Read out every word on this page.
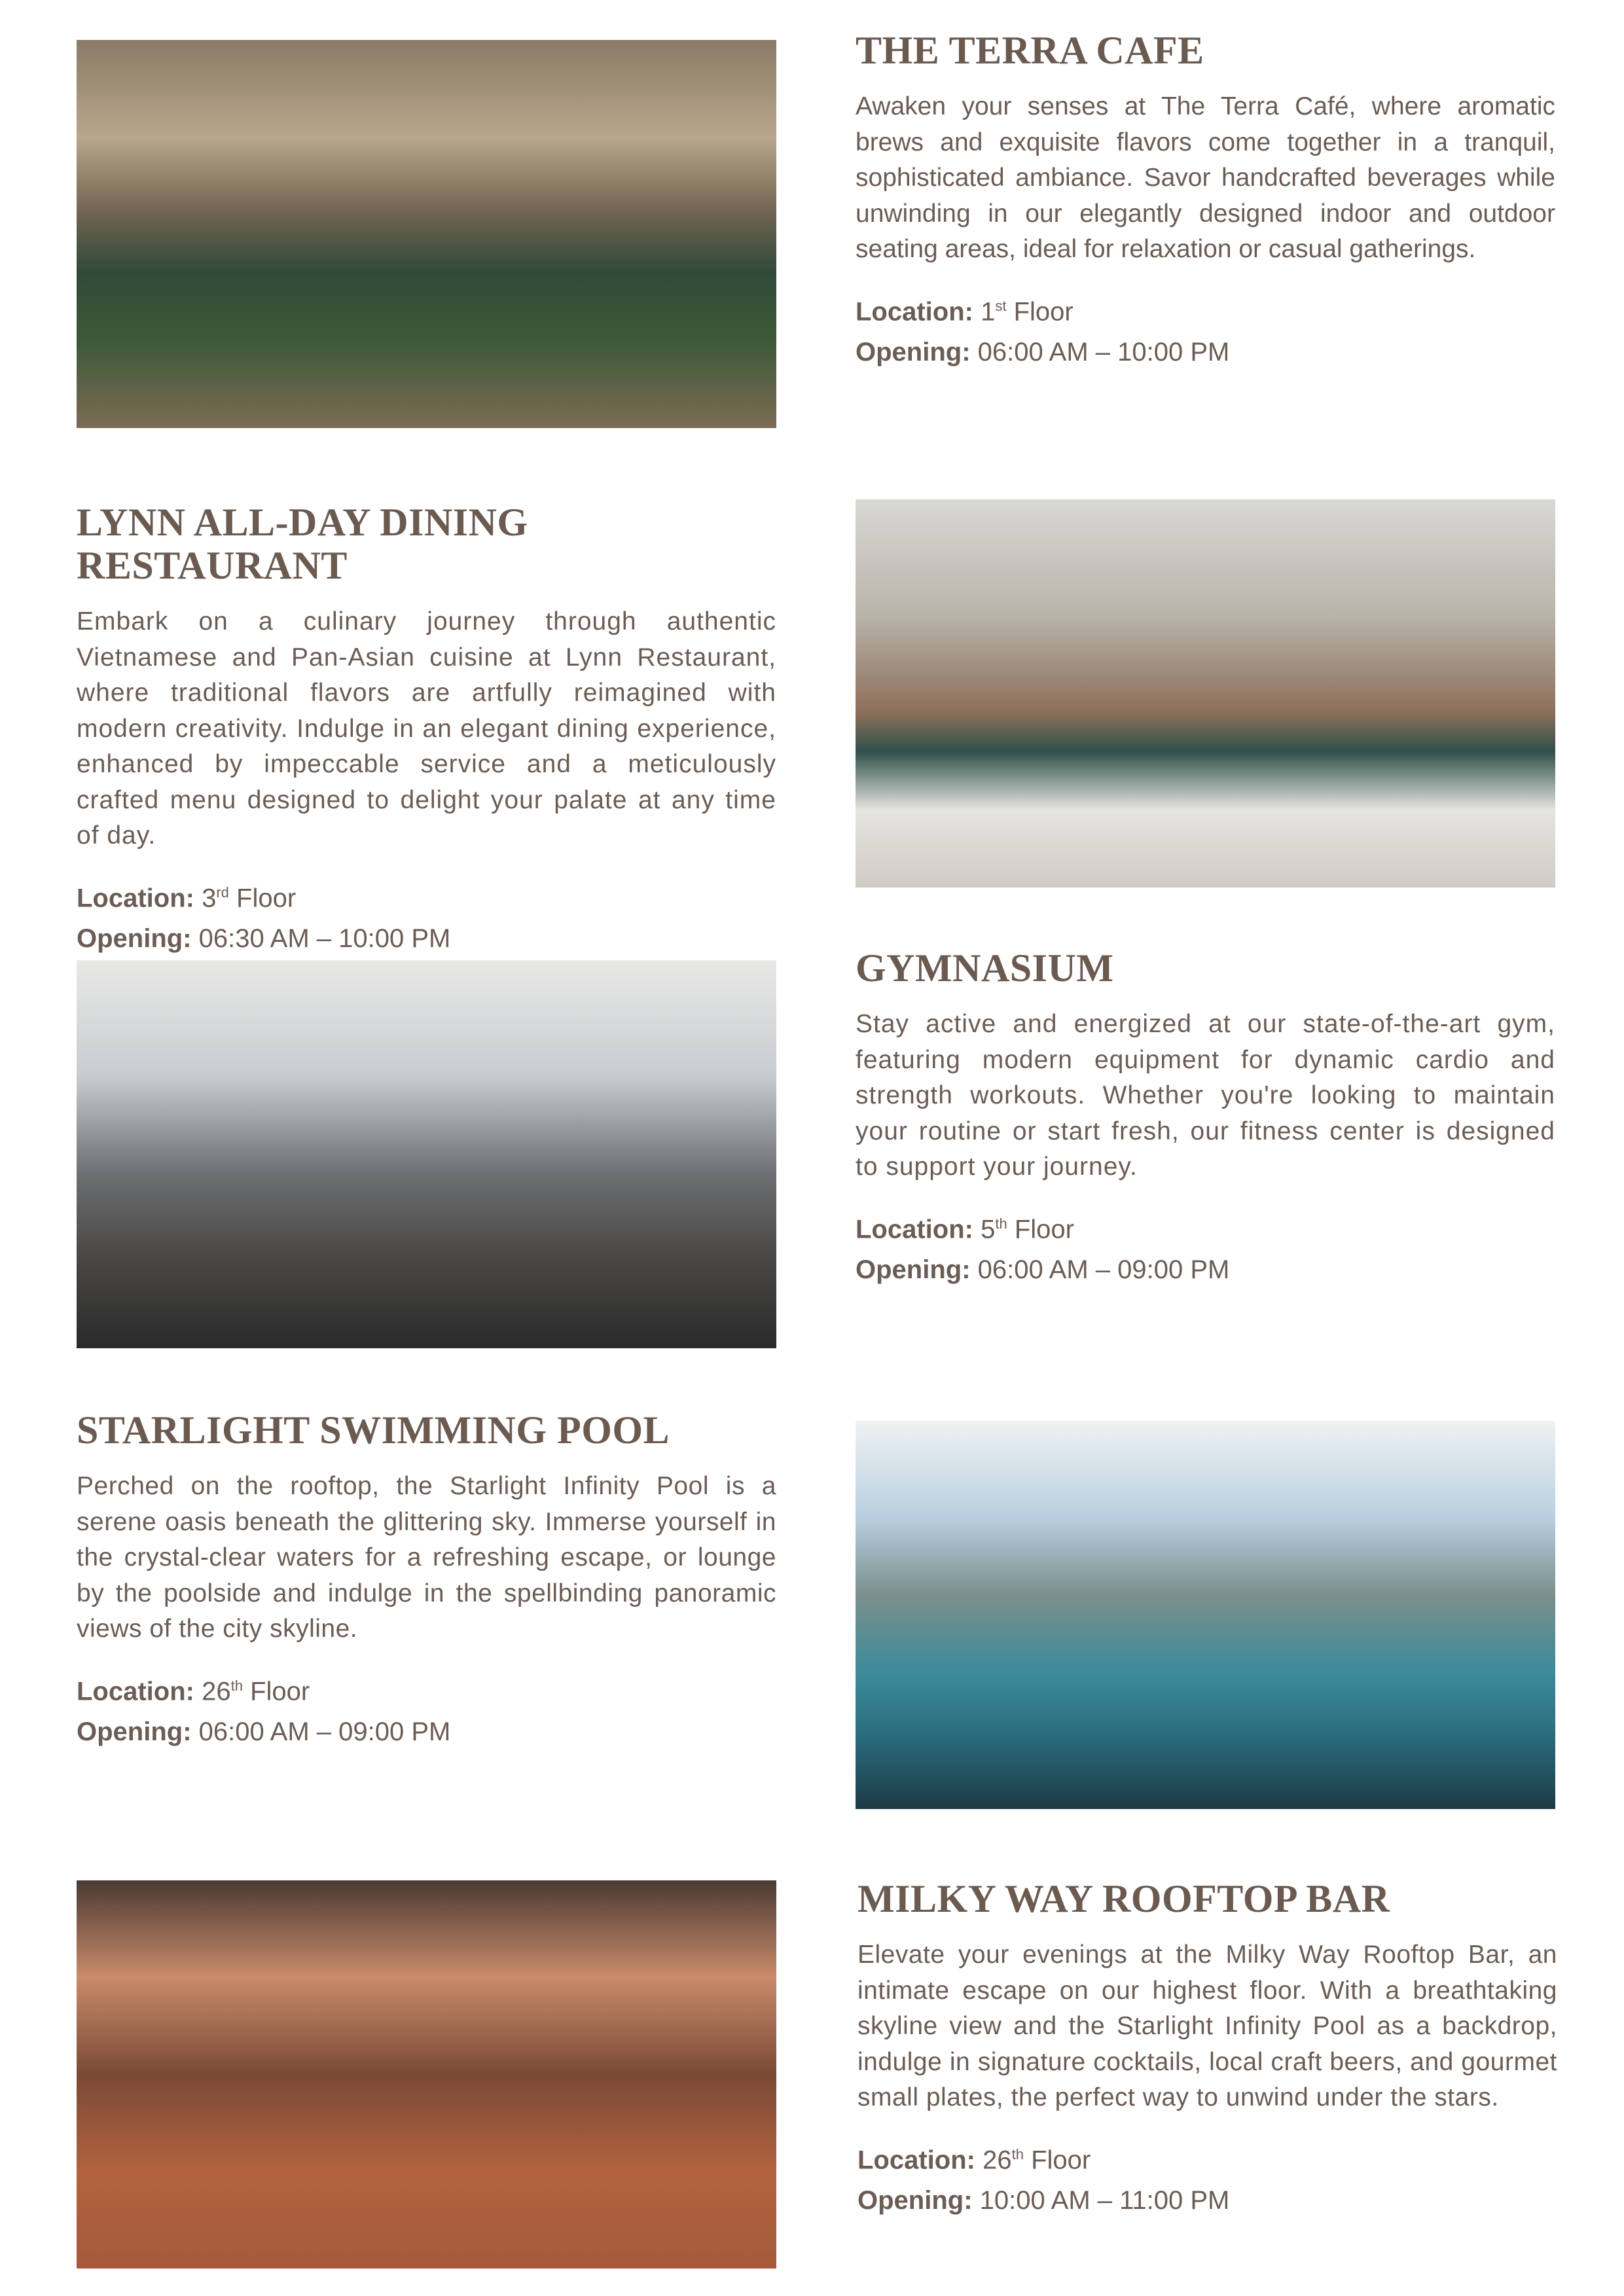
THE TERRA CAFE

Awaken your senses at The Terra Café, where aromatic brews and exquisite flavors come together in a tranquil, sophisticated ambiance. Savor handcrafted beverages while unwinding in our elegantly designed indoor and outdoor seating areas, ideal for relaxation or casual gatherings.

Location: 1st Floor
Opening: 06:00 AM – 10:00 PM
LYNN ALL-DAY DINING RESTAURANT

Embark on a culinary journey through authentic Vietnamese and Pan-Asian cuisine at Lynn Restaurant, where traditional flavors are artfully reimagined with modern creativity. Indulge in an elegant dining experience, enhanced by impeccable service and a meticulously crafted menu designed to delight your palate at any time of day.

Location: 3rd Floor
Opening: 06:30 AM – 10:00 PM
GYMNASIUM

Stay active and energized at our state-of-the-art gym, featuring modern equipment for dynamic cardio and strength workouts. Whether you're looking to maintain your routine or start fresh, our fitness center is designed to support your journey.

Location: 5th Floor
Opening: 06:00 AM – 09:00 PM
STARLIGHT SWIMMING POOL

Perched on the rooftop, the Starlight Infinity Pool is a serene oasis beneath the glittering sky. Immerse yourself in the crystal-clear waters for a refreshing escape, or lounge by the poolside and indulge in the spellbinding panoramic views of the city skyline.

Location: 26th Floor
Opening: 06:00 AM – 09:00 PM
MILKY WAY ROOFTOP BAR

Elevate your evenings at the Milky Way Rooftop Bar, an intimate escape on our highest floor. With a breathtaking skyline view and the Starlight Infinity Pool as a backdrop, indulge in signature cocktails, local craft beers, and gourmet small plates, the perfect way to unwind under the stars.

Location: 26th Floor
Opening: 10:00 AM – 11:00 PM
